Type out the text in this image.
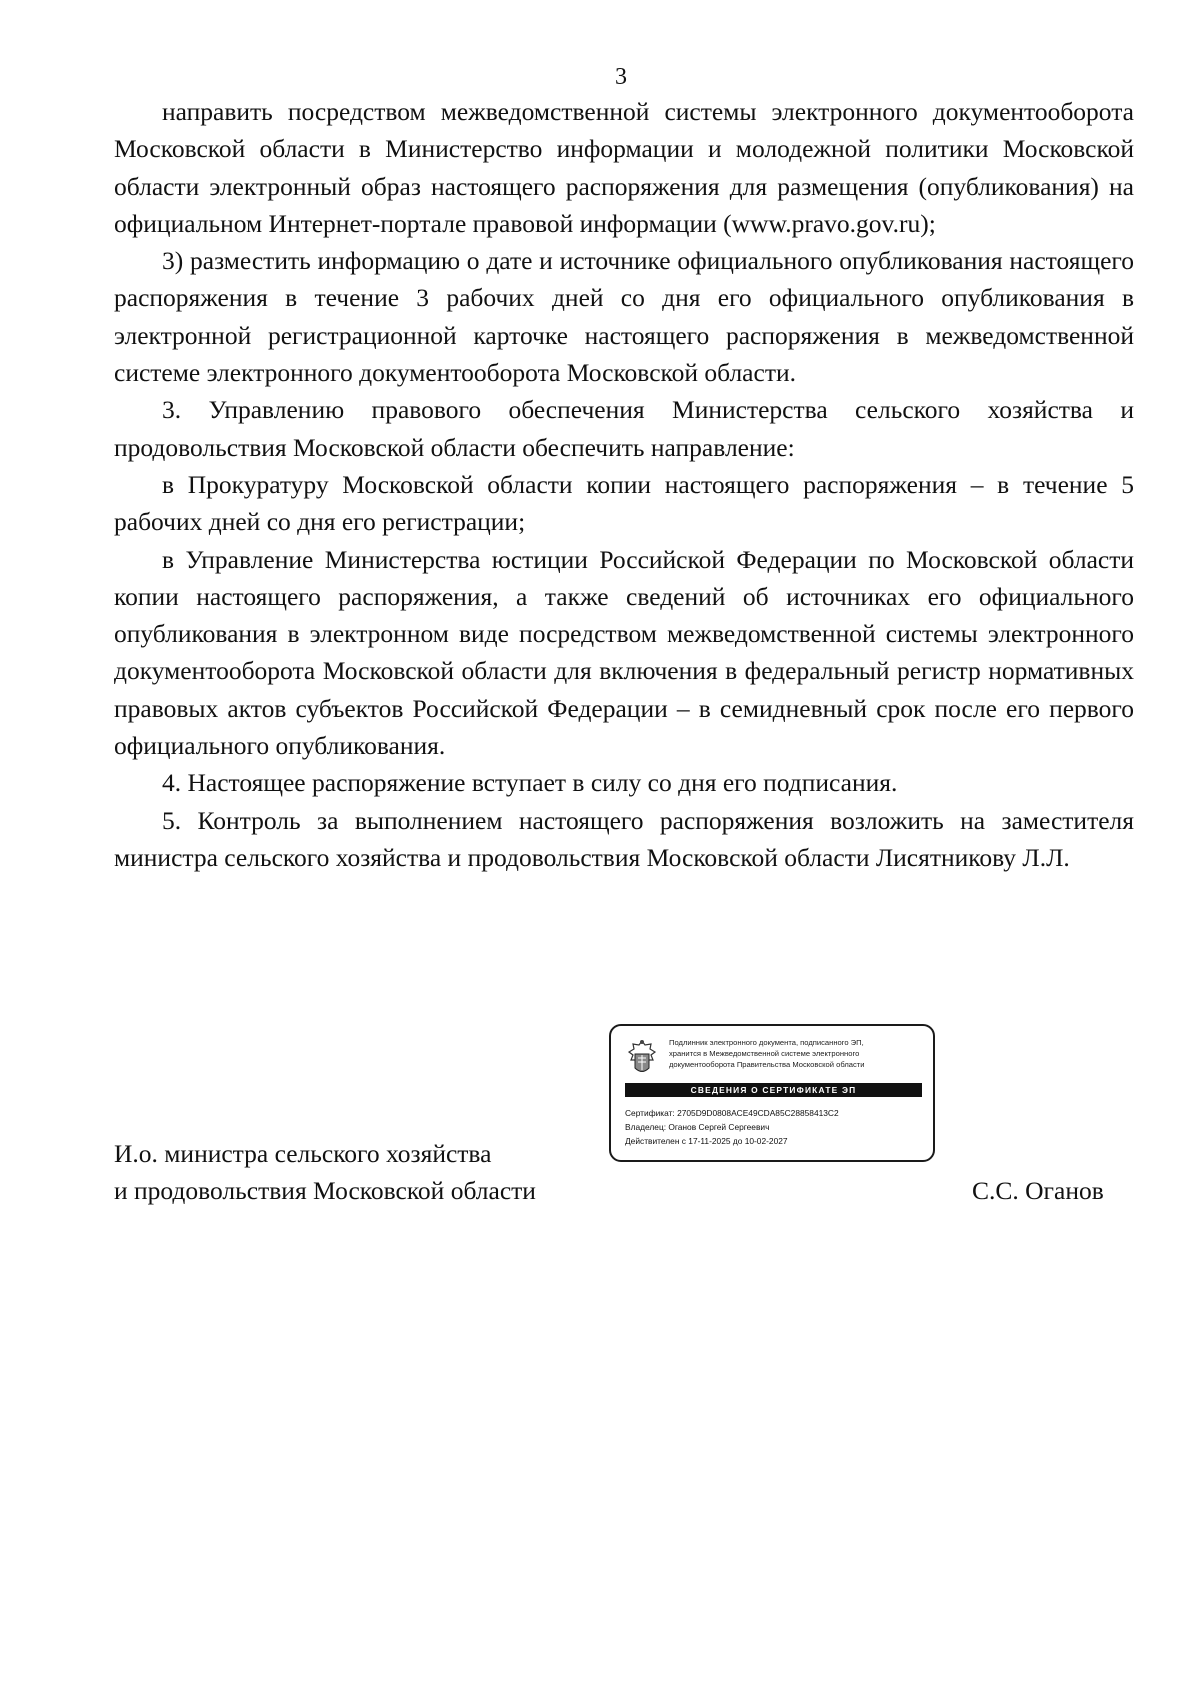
3

направить посредством межведомственной системы электронного документооборота Московской области в Министерство информации и молодежной политики Московской области электронный образ настоящего распоряжения для размещения (опубликования) на официальном Интернет-портале правовой информации (www.pravo.gov.ru);

3) разместить информацию о дате и источнике официального опубликования настоящего распоряжения в течение 3 рабочих дней со дня его официального опубликования в электронной регистрационной карточке настоящего распоряжения в межведомственной системе электронного документооборота Московской области.

3. Управлению правового обеспечения Министерства сельского хозяйства и продовольствия Московской области обеспечить направление:

в Прокуратуру Московской области копии настоящего распоряжения – в течение 5 рабочих дней со дня его регистрации;

в Управление Министерства юстиции Российской Федерации по Московской области копии настоящего распоряжения, а также сведений об источниках его официального опубликования в электронном виде посредством межведомственной системы электронного документооборота Московской области для включения в федеральный регистр нормативных правовых актов субъектов Российской Федерации – в семидневный срок после его первого официального опубликования.

4. Настоящее распоряжение вступает в силу со дня его подписания.

5. Контроль за выполнением настоящего распоряжения возложить на заместителя министра сельского хозяйства и продовольствия Московской области Лисятникову Л.Л.

Подлинник электронного документа, подписанного ЭП,
хранится в Межведомственной системе электронного
документооборота Правительства Московской области
СВЕДЕНИЯ О СЕРТИФИКАТЕ ЭП
Сертификат: 2705D9D0808ACE49CDA85C28858413C2
Владелец: Оганов Сергей Сергеевич
Действителен с 17-11-2025 до 10-02-2027
И.о. министра сельского хозяйства
и продовольствия Московской области	С.С. Оганов
